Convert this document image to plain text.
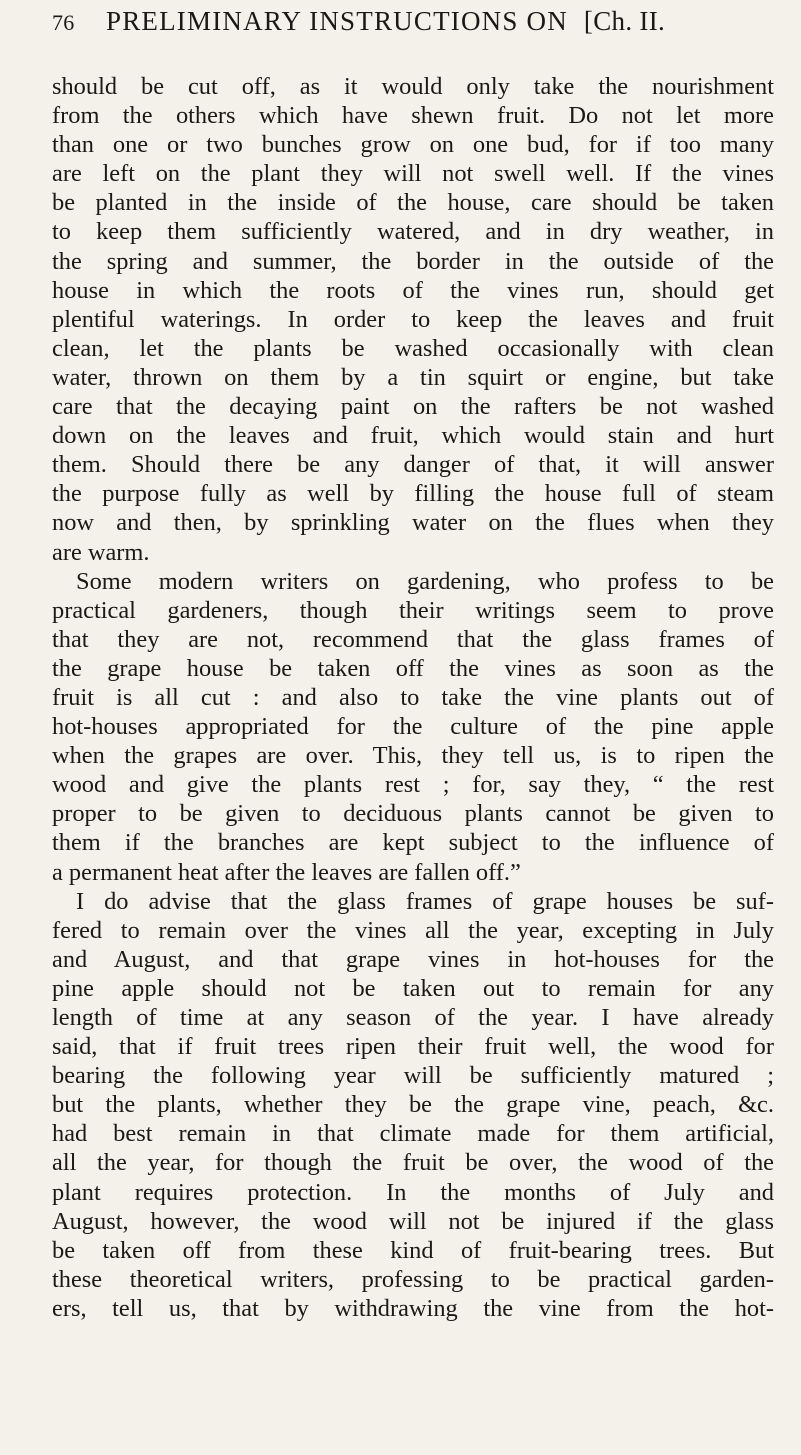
76 PRELIMINARY INSTRUCTIONS ON [Ch. II.
should be cut off, as it would only take the nourishment
from the others which have shewn fruit. Do not let more
than one or two bunches grow on one bud, for if too many
are left on the plant they will not swell well. If the vines
be planted in the inside of the house, care should be taken
to keep them sufficiently watered, and in dry weather, in
the spring and summer, the border in the outside of the
house in which the roots of the vines run, should get
plentiful waterings. In order to keep the leaves and fruit
clean, let the plants be washed occasionally with clean
water, thrown on them by a tin squirt or engine, but take
care that the decaying paint on the rafters be not washed
down on the leaves and fruit, which would stain and hurt
them. Should there be any danger of that, it will answer
the purpose fully as well by filling the house full of steam
now and then, by sprinkling water on the flues when they
are warm.
Some modern writers on gardening, who profess to be
practical gardeners, though their writings seem to prove
that they are not, recommend that the glass frames of
the grape house be taken off the vines as soon as the
fruit is all cut : and also to take the vine plants out of
hot-houses appropriated for the culture of the pine apple
when the grapes are over. This, they tell us, is to ripen the
wood and give the plants rest ; for, say they, “ the rest
proper to be given to deciduous plants cannot be given to
them if the branches are kept subject to the influence of
a permanent heat after the leaves are fallen off.”
I do advise that the glass frames of grape houses be suf-
fered to remain over the vines all the year, excepting in July
and August, and that grape vines in hot-houses for the
pine apple should not be taken out to remain for any
length of time at any season of the year. I have already
said, that if fruit trees ripen their fruit well, the wood for
bearing the following year will be sufficiently matured ;
but the plants, whether they be the grape vine, peach, &c.
had best remain in that climate made for them artificial,
all the year, for though the fruit be over, the wood of the
plant requires protection. In the months of July and
August, however, the wood will not be injured if the glass
be taken off from these kind of fruit-bearing trees. But
these theoretical writers, professing to be practical garden-
ers, tell us, that by withdrawing the vine from the hot-
